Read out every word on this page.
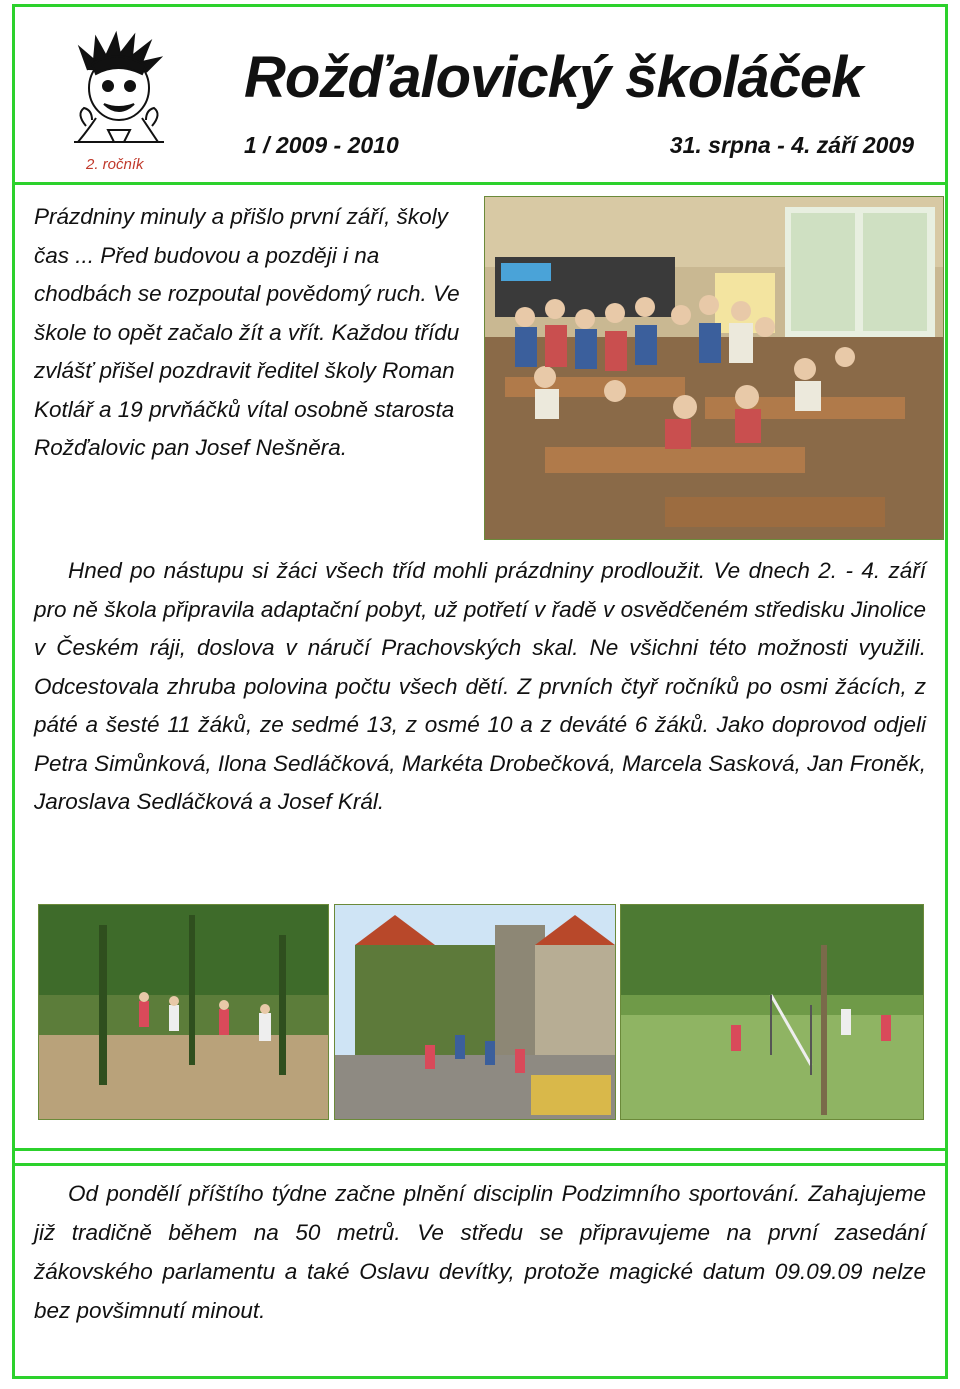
2. ročník
Rožďalovický školáček
1 / 2009 - 2010	31. srpna - 4. září 2009

Prázdniny minuly a přišlo první září, školy čas ... Před budovou a později i na chodbách se rozpoutal povědomý ruch. Ve škole to opět začalo žít a vřít. Každou třídu zvlášť přišel pozdravit ředitel školy Roman Kotlář a 19 prvňáčků vítal osobně starosta Rožďalovic pan Josef Nešněra.

Hned po nástupu si žáci všech tříd mohli prázdniny prodloužit. Ve dnech 2. - 4. září pro ně škola připravila adaptační pobyt, už potřetí v řadě v osvědčeném středisku Jinolice v Českém ráji, doslova v náručí Prachovských skal. Ne všichni této možnosti využili. Odcestovala zhruba polovina počtu všech dětí. Z prvních čtyř ročníků po osmi žácích, z páté a šesté 11 žáků, ze sedmé 13, z osmé 10 a z deváté 6 žáků. Jako doprovod odjeli Petra Simůnková, Ilona Sedláčková, Markéta Drobečková, Marcela Sasková, Jan Froněk, Jaroslava Sedláčková a Josef Král.

Od pondělí příštího týdne začne plnění disciplin Podzimního sportování. Zahajujeme již tradičně během na 50 metrů. Ve středu se připravujeme na první zasedání žákovského parlamentu a také Oslavu devítky, protože magické datum 09.09.09 nelze bez povšimnutí minout.
